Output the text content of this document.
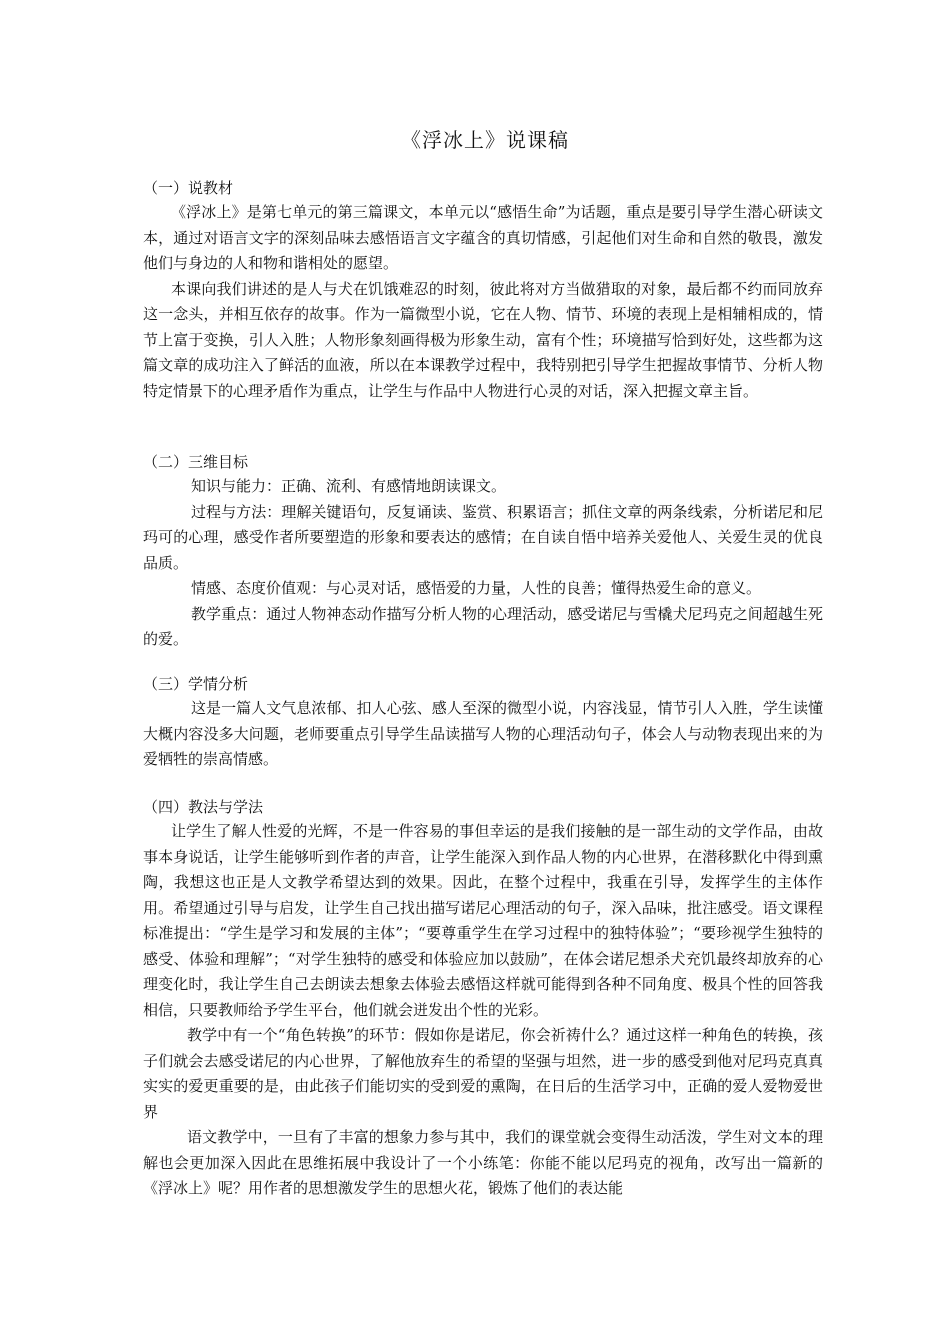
《浮冰上》说课稿

（一）说教材

《浮冰上》是第七单元的第三篇课文，本单元以“感悟生命”为话题，重点是要引导学生潜心研读文本，通过对语言文字的深刻品味去感悟语言文字蕴含的真切情感，引起他们对生命和自然的敬畏，激发他们与身边的人和物和谐相处的愿望。

本课向我们讲述的是人与犬在饥饿难忍的时刻，彼此将对方当做猎取的对象，最后都不约而同放弃这一念头，并相互依存的故事。作为一篇微型小说，它在人物、情节、环境的表现上是相辅相成的，情节上富于变换，引人入胜；人物形象刻画得极为形象生动，富有个性；环境描写恰到好处，这些都为这篇文章的成功注入了鲜活的血液，所以在本课教学过程中，我特别把引导学生把握故事情节、分析人物特定情景下的心理矛盾作为重点，让学生与作品中人物进行心灵的对话，深入把握文章主旨。

（二）三维目标

知识与能力：正确、流利、有感情地朗读课文。

过程与方法：理解关键语句，反复诵读、鉴赏、积累语言；抓住文章的两条线索，分析诺尼和尼玛可的心理，感受作者所要塑造的形象和要表达的感情；在自读自悟中培养关爱他人、关爱生灵的优良品质。

情感、态度价值观：与心灵对话，感悟爱的力量，人性的良善；懂得热爱生命的意义。

教学重点：通过人物神态动作描写分析人物的心理活动，感受诺尼与雪橇犬尼玛克之间超越生死的爱。

（三）学情分析

这是一篇人文气息浓郁、扣人心弦、感人至深的微型小说，内容浅显，情节引人入胜，学生读懂大概内容没多大问题，老师要重点引导学生品读描写人物的心理活动句子，体会人与动物表现出来的为爱牺牲的崇高情感。

（四）教法与学法

让学生了解人性爱的光辉，不是一件容易的事但幸运的是我们接触的是一部生动的文学作品，由故事本身说话，让学生能够听到作者的声音，让学生能深入到作品人物的内心世界，在潜移默化中得到熏陶，我想这也正是人文教学希望达到的效果。因此，在整个过程中，我重在引导，发挥学生的主体作用。希望通过引导与启发，让学生自己找出描写诺尼心理活动的句子，深入品味，批注感受。语文课程标准提出：“学生是学习和发展的主体”；“要尊重学生在学习过程中的独特体验”；“要珍视学生独特的感受、体验和理解”；“对学生独特的感受和体验应加以鼓励”，在体会诺尼想杀犬充饥最终却放弃的心理变化时，我让学生自己去朗读去想象去体验去感悟这样就可能得到各种不同角度、极具个性的回答我相信，只要教师给予学生平台，他们就会迸发出个性的光彩。

教学中有一个“角色转换”的环节：假如你是诺尼，你会祈祷什么？通过这样一种角色的转换，孩子们就会去感受诺尼的内心世界，了解他放弃生的希望的坚强与坦然，进一步的感受到他对尼玛克真真实实的爱更重要的是，由此孩子们能切实的受到爱的熏陶，在日后的生活学习中，正确的爱人爱物爱世界

语文教学中，一旦有了丰富的想象力参与其中，我们的课堂就会变得生动活泼，学生对文本的理解也会更加深入因此在思维拓展中我设计了一个小练笔：你能不能以尼玛克的视角，改写出一篇新的《浮冰上》呢？用作者的思想激发学生的思想火花，锻炼了他们的表达能
